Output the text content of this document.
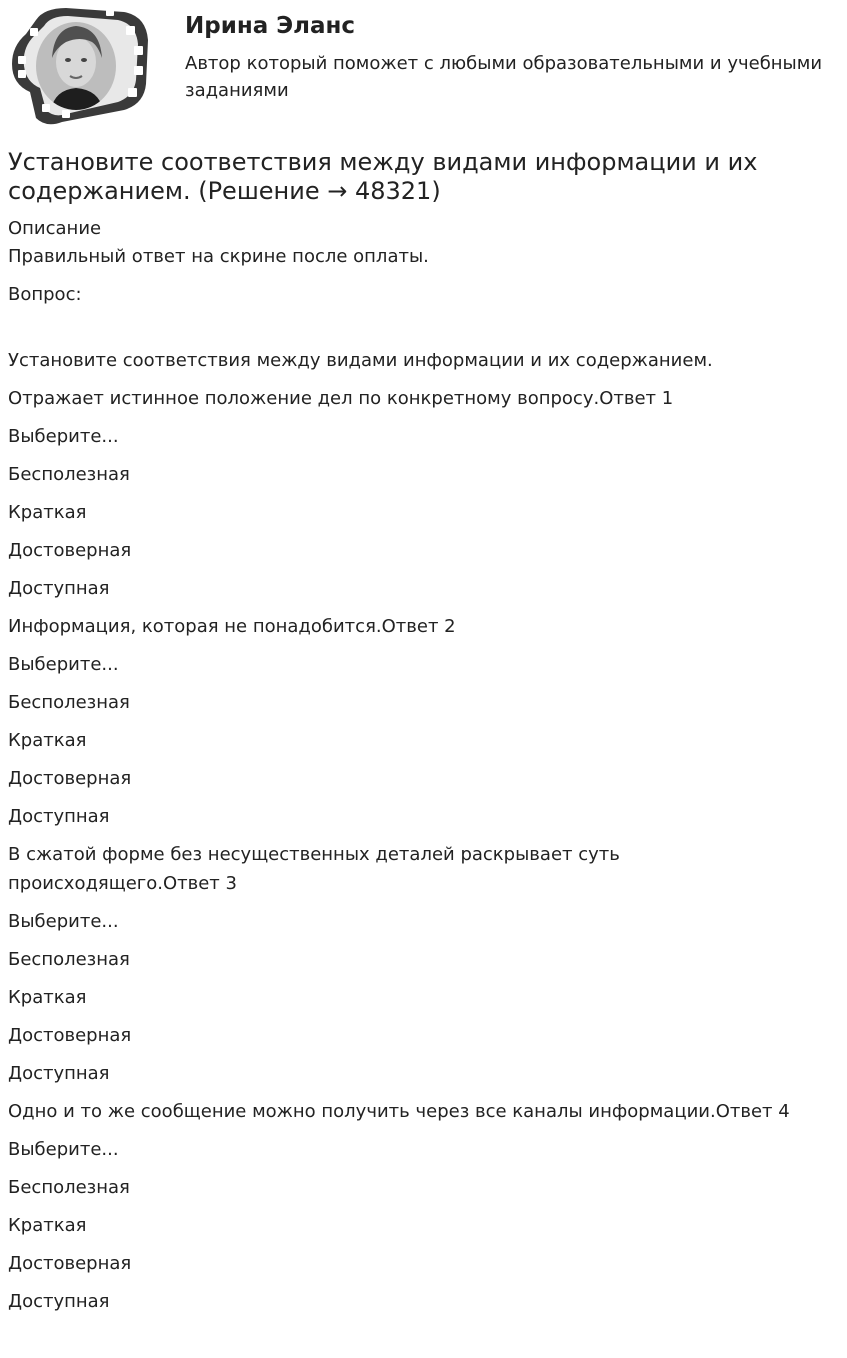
Ирина Эланс
Автор который поможет с любыми образовательными и учебными заданиями
Установите соответствия между видами информации и их содержанием. (Решение → 48321)
Описание
Правильный ответ на скрине после оплаты.
Вопрос:
Установите соответствия между видами информации и их содержанием.
Отражает истинное положение дел по конкретному вопросу.Ответ 1
Выберите...
Бесполезная
Краткая
Достоверная
Доступная
Информация, которая не понадобится.Ответ 2
Выберите...
Бесполезная
Краткая
Достоверная
Доступная
В сжатой форме без несущественных деталей раскрывает суть происходящего.Ответ 3
Выберите...
Бесполезная
Краткая
Достоверная
Доступная
Одно и то же сообщение можно получить через все каналы информации.Ответ 4
Выберите...
Бесполезная
Краткая
Достоверная
Доступная
